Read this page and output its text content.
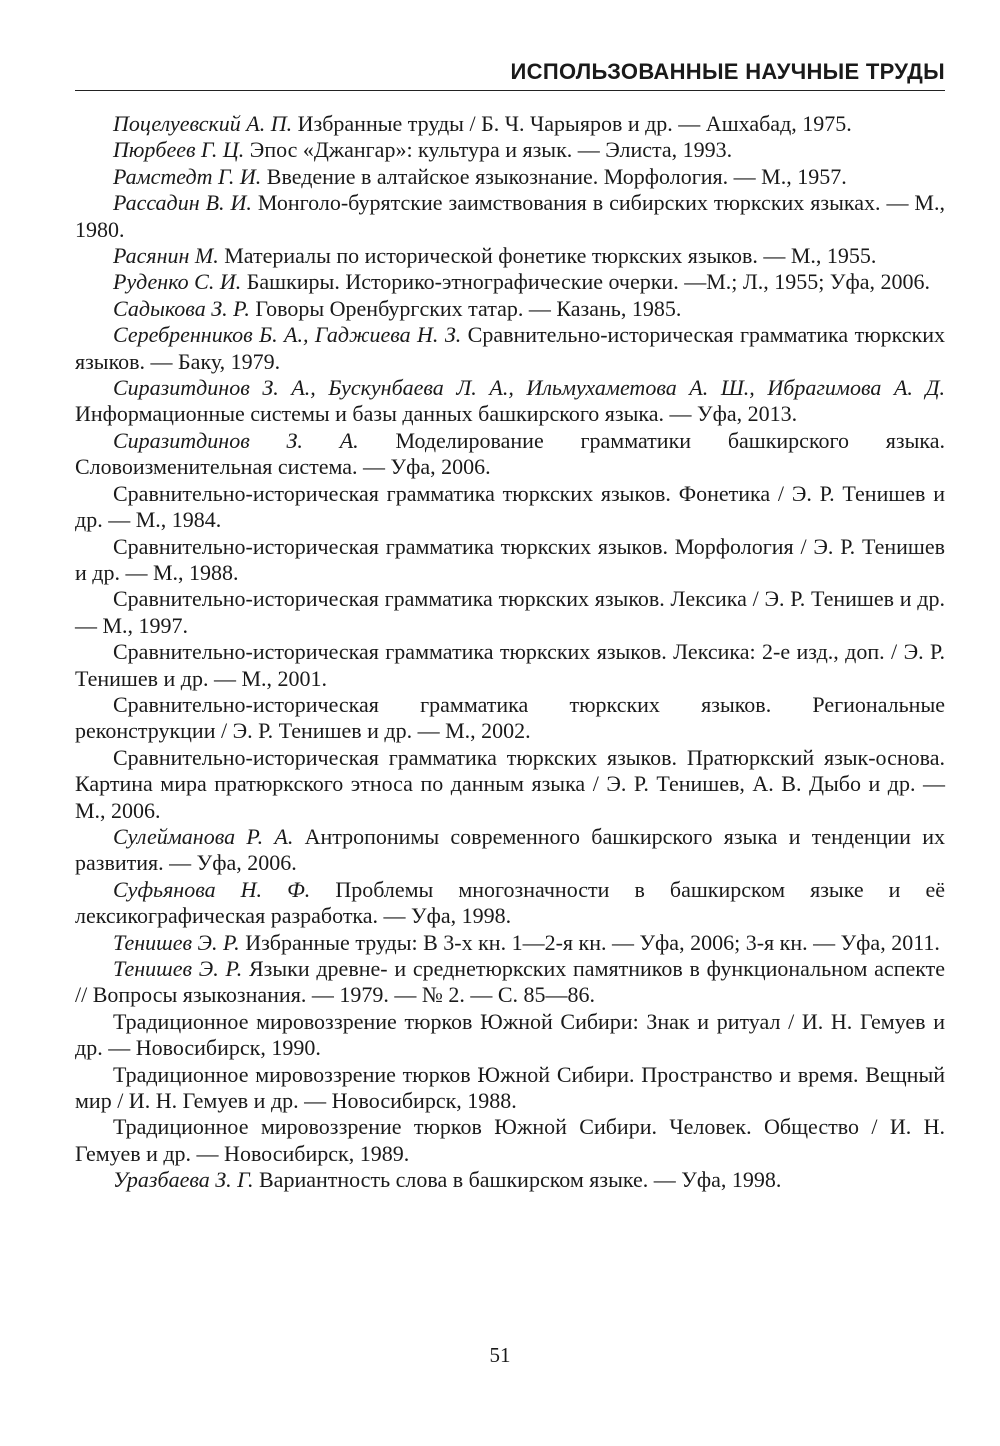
ИСПОЛЬЗОВАННЫЕ НАУЧНЫЕ ТРУДЫ

Поцелуевский А. П. Избранные труды / Б. Ч. Чарыяров и др. — Ашхабад, 1975.

Пюрбеев Г. Ц. Эпос «Джангар»: культура и язык. — Элиста, 1993.

Рамстедт Г. И. Введение в алтайское языкознание. Морфология. — М., 1957.

Рассадин В. И. Монголо-бурятские заимствования в сибирских тюркских языках. — М., 1980.

Расянин М. Материалы по исторической фонетике тюркских языков. — М., 1955.

Руденко С. И. Башкиры. Историко-этнографические очерки. —М.; Л., 1955; Уфа, 2006.

Садыкова З. Р. Говоры Оренбургских татар. — Казань, 1985.

Серебренников Б. А., Гаджиева Н. З. Сравнительно-историческая грамматика тюркских языков. — Баку, 1979.

Сиразитдинов З. А., Бускунбаева Л. А., Ильмухаметова А. Ш., Ибрагимова А. Д. Информационные системы и базы данных башкирского языка. — Уфа, 2013.

Сиразитдинов З. А. Моделирование грамматики башкирского языка. Словоизменительная система. — Уфа, 2006.

Сравнительно-историческая грамматика тюркских языков. Фонетика / Э. Р. Тенишев и др. — М., 1984.

Сравнительно-историческая грамматика тюркских языков. Морфология / Э. Р. Тенишев и др. — М., 1988.

Сравнительно-историческая грамматика тюркских языков. Лексика / Э. Р. Тенишев и др. — М., 1997.

Сравнительно-историческая грамматика тюркских языков. Лексика: 2-е изд., доп. / Э. Р. Тенишев и др. — М., 2001.

Сравнительно-историческая грамматика тюркских языков. Региональные реконструкции / Э. Р. Тенишев и др. — М., 2002.

Сравнительно-историческая грамматика тюркских языков. Пратюркский язык-основа. Картина мира пратюркского этноса по данным языка / Э. Р. Тенишев, А. В. Дыбо и др. — М., 2006.

Сулейманова Р. А. Антропонимы современного башкирского языка и тенденции их развития. — Уфа, 2006.

Суфьянова Н. Ф. Проблемы многозначности в башкирском языке и её лексикографическая разработка. — Уфа, 1998.

Тенишев Э. Р. Избранные труды: В 3-х кн. 1—2-я кн. — Уфа, 2006; 3-я кн. — Уфа, 2011.

Тенишев Э. Р. Языки древне- и среднетюркских памятников в функциональном аспекте // Вопросы языкознания. — 1979. — № 2. — С. 85—86.

Традиционное мировоззрение тюрков Южной Сибири: Знак и ритуал / И. Н. Гемуев и др. — Новосибирск, 1990.

Традиционное мировоззрение тюрков Южной Сибири. Пространство и время. Вещный мир / И. Н. Гемуев и др. — Новосибирск, 1988.

Традиционное мировоззрение тюрков Южной Сибири. Человек. Общество / И. Н. Гемуев и др. — Новосибирск, 1989.

Уразбаева З. Г. Вариантность слова в башкирском языке. — Уфа, 1998.

51
